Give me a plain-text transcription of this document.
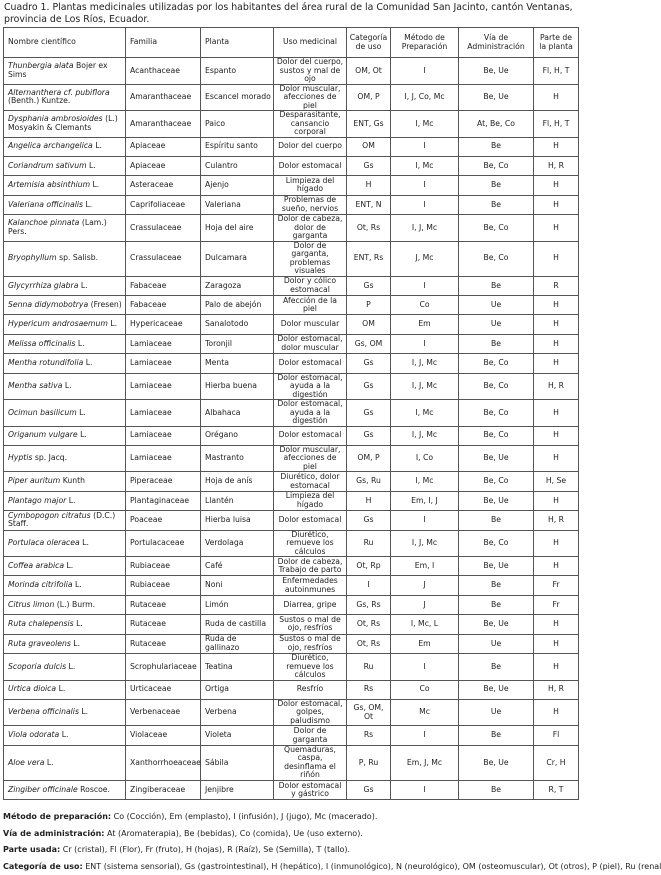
Cuadro 1. Plantas medicinales utilizadas por los habitantes del área rural de la Comunidad San Jacinto, cantón Ventanas,
provincia de Los Ríos, Ecuador.
Nombre científico	Familia	Planta	Uso medicinal	Categoría de uso	Método de Preparación	Vía de Administración	Parte de la planta
Thunbergia alata Bojer ex Sims	Acanthaceae	Espanto	Dolor del cuerpo, sustos y mal de ojo	OM, Ot	I	Be, Ue	Fl, H, T
Alternanthera cf. pubiflora (Benth.) Kuntze.	Amaranthaceae	Escancel morado	Dolor muscular, afecciones de piel	OM, P	I, J, Co, Mc	Be, Ue	H
Dysphania ambrosioides (L.) Mosyakin & Clemants	Amaranthaceae	Paico	Desparasitante, cansancio corporal	ENT, Gs	I, Mc	At, Be, Co	Fl, H, T
Angelica archangelica L.	Apiaceae	Espíritu santo	Dolor del cuerpo	OM	I	Be	H
Coriandrum sativum L.	Apiaceae	Culantro	Dolor estomacal	Gs	I, Mc	Be, Co	H, R
Artemisia absinthium L.	Asteraceae	Ajenjo	Limpieza del hígado	H	I	Be	H
Valeriana officinalis L.	Caprifoliaceae	Valeriana	Problemas de sueño, nervios	ENT, N	I	Be	H
Kalanchoe pinnata (Lam.) Pers.	Crassulaceae	Hoja del aire	Dolor de cabeza, dolor de garganta	Ot, Rs	I, J, Mc	Be, Co	H
Bryophyllum sp. Salisb.	Crassulaceae	Dulcamara	Dolor de garganta, problemas visuales	ENT, Rs	J, Mc	Be, Co	H
Glycyrrhiza glabra L.	Fabaceae	Zaragoza	Dolor y cólico estomacal	Gs	I	Be	R
Senna didymobotrya (Fresen)	Fabaceae	Palo de abejón	Afección de la piel	P	Co	Ue	H
Hypericum androsaemum L.	Hypericaceae	Sanalotodo	Dolor muscular	OM	Em	Ue	H
Melissa officinalis L.	Lamiaceae	Toronjil	Dolor estomacal, dolor muscular	Gs, OM	I	Be	H
Mentha rotundifolia L.	Lamiaceae	Menta	Dolor estomacal	Gs	I, J, Mc	Be, Co	H
Mentha sativa L.	Lamiaceae	Hierba buena	Dolor estomacal, ayuda a la digestión	Gs	I, J, Mc	Be, Co	H, R
Ocimun basilicum L.	Lamiaceae	Albahaca	Dolor estomacal, ayuda a la digestión	Gs	I, Mc	Be, Co	H
Origanum vulgare L.	Lamiaceae	Orégano	Dolor estomacal	Gs	I, J, Mc	Be, Co	H
Hyptis sp. Jacq.	Lamiaceae	Mastranto	Dolor muscular, afecciones de piel	OM, P	I, Co	Be, Ue	H
Piper auritum Kunth	Piperaceae	Hoja de anís	Diurético, dolor estomacal	Gs, Ru	I, Mc	Be, Co	H, Se
Plantago major L.	Plantaginaceae	Llantén	Limpieza del hígado	H	Em, I, J	Be, Ue	H
Cymbopogon citratus (D.C.) Staff.	Poaceae	Hierba luisa	Dolor estomacal	Gs	I	Be	H, R
Portulaca oleracea L.	Portulacaceae	Verdolaga	Diurético, remueve los cálculos	Ru	I, J, Mc	Be, Co	H
Coffea arabica L.	Rubiaceae	Café	Dolor de cabeza, Trabajo de parto	Ot, Rp	Em, I	Be, Ue	H
Morinda citrifolia L.	Rubiaceae	Noni	Enfermedades autoinmunes	I	J	Be	Fr
Citrus limon (L.) Burm.	Rutaceae	Limón	Diarrea, gripe	Gs, Rs	J	Be	Fr
Ruta chalepensis L.	Rutaceae	Ruda de castilla	Sustos o mal de ojo, resfríos	Ot, Rs	I, Mc, L	Be, Ue	H
Ruta graveolens L.	Rutaceae	Ruda de gallinazo	Sustos o mal de ojo, resfríos	Ot, Rs	Em	Ue	H
Scoporia dulcis L.	Scrophulariaceae	Teatina	Diurético, remueve los cálculos	Ru	I	Be	H
Urtica dioica L.	Urticaceae	Ortiga	Resfrío	Rs	Co	Be, Ue	H, R
Verbena officinalis L.	Verbenaceae	Verbena	Dolor estomacal, golpes, paludismo	Gs, OM, Ot	Mc	Ue	H
Viola odorata L.	Violaceae	Violeta	Dolor de garganta	Rs	I	Be	Fl
Aloe vera L.	Xanthorrhoeaceae	Sábila	Quemaduras, caspa, desinflama el riñón	P, Ru	Em, J, Mc	Be, Ue	Cr, H
Zingiber officinale Roscoe.	Zingiberaceae	Jenjibre	Dolor estomacal y gástrico	Gs	I	Be	R, T
Método de preparación: Co (Cocción), Em (emplasto), I (infusión), J (jugo), Mc (macerado).
Vía de administración: At (Aromaterapia), Be (bebidas), Co (comida), Ue (uso externo).
Parte usada: Cr (cristal), Fl (Flor), Fr (fruto), H (hojas), R (Raíz), Se (Semilla), T (tallo).
Categoría de uso: ENT (sistema sensorial), Gs (gastrointestinal), H (hepático), I (inmunológico), N (neurológico), OM (osteomuscular), Ot (otros), P (piel), Ru (renal
